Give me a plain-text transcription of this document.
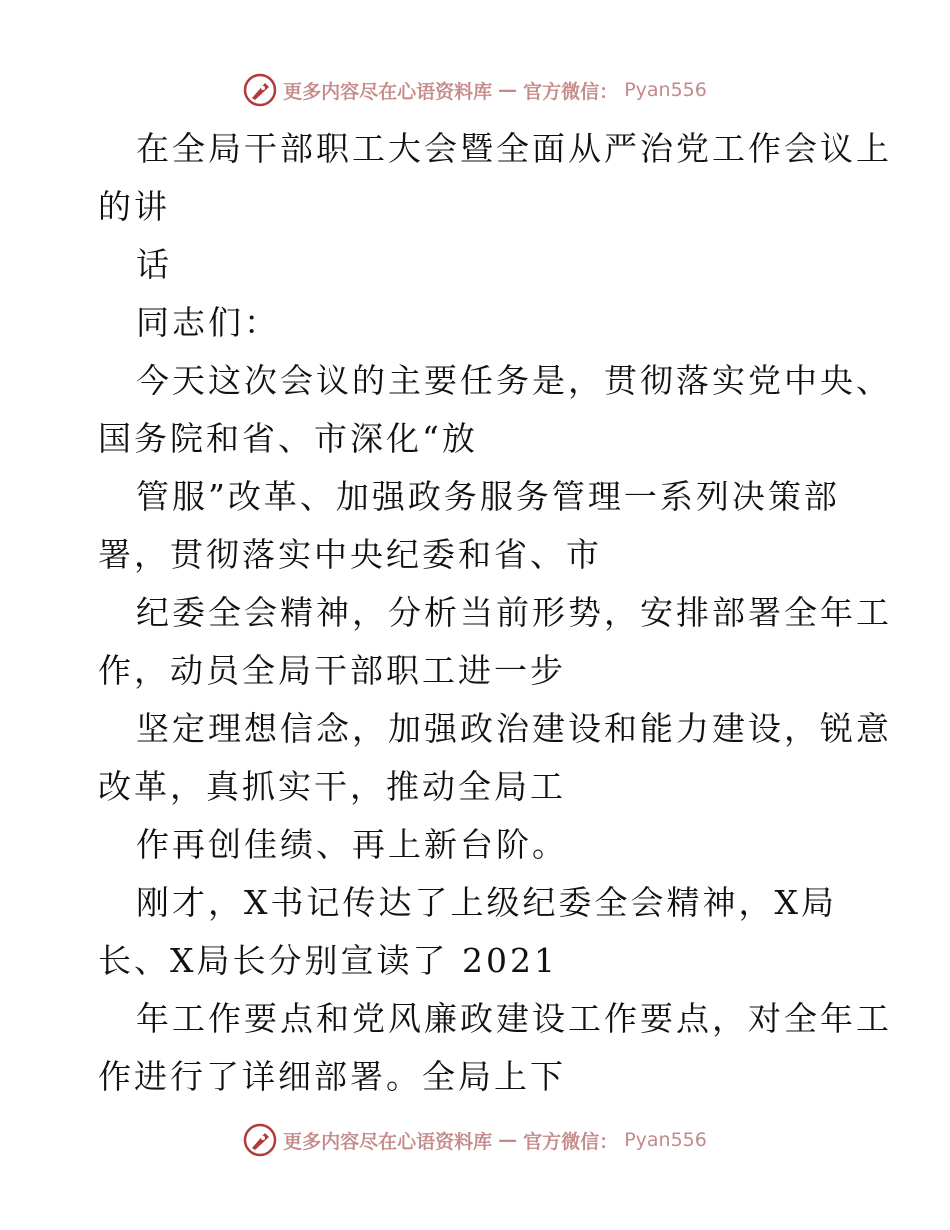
更多内容尽在心语资料库 — 官方微信： Pyan556
在全局干部职工大会暨全面从严治党工作会议上
的讲
话
同志们：
今天这次会议的主要任务是，贯彻落实党中央、
国务院和省、市深化“放
管服”改革、加强政务服务管理一系列决策部
署，贯彻落实中央纪委和省、市
纪委全会精神，分析当前形势，安排部署全年工
作，动员全局干部职工进一步
坚定理想信念，加强政治建设和能力建设，锐意
改革，真抓实干，推动全局工
作再创佳绩、再上新台阶。
刚才，X书记传达了上级纪委全会精神，X局
长、X局长分别宣读了 2021
年工作要点和党风廉政建设工作要点，对全年工
作进行了详细部署。全局上下
更多内容尽在心语资料库 — 官方微信： Pyan556
